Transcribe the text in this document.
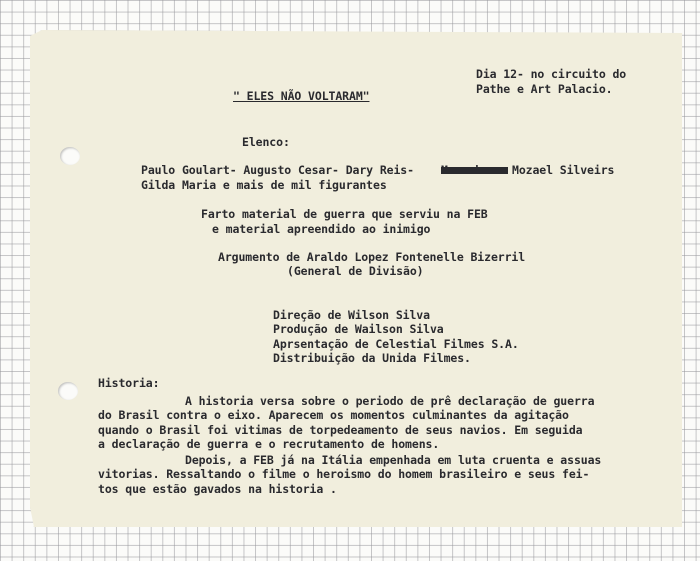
" ELES NÃO VOLTARAM"

Dia 12- no circuito do

Pathe e Art Palacio.

Elenco:

Paulo Goulart- Augusto Cesar- Dary Reis-	Mozael Silveirs

Gilda Maria e mais de mil figurantes

Farto material de guerra que serviu na FEB

e material apreendido ao inimigo

Argumento de Araldo Lopez Fontenelle Bizerril

(General de Divisão)

Direção de Wilson Silva

Produção de Wailson Silva

Aprsentação de Celestial Filmes S.A.

Distribuição da Unida Filmes.

Historia:

A historia versa sobre o periodo de prê declaração de guerra

do Brasil contra o eixo. Aparecem os momentos culminantes da agitação

quando o Brasil foi vitimas de torpedeamento de seus navios. Em seguida

a declaração de guerra e o recrutamento de homens.

Depois, a FEB já na Itália empenhada em luta cruenta e assuas

vitorias. Ressaltando o filme o heroismo do homem brasileiro e seus fei-

tos que estão gavados na historia .
